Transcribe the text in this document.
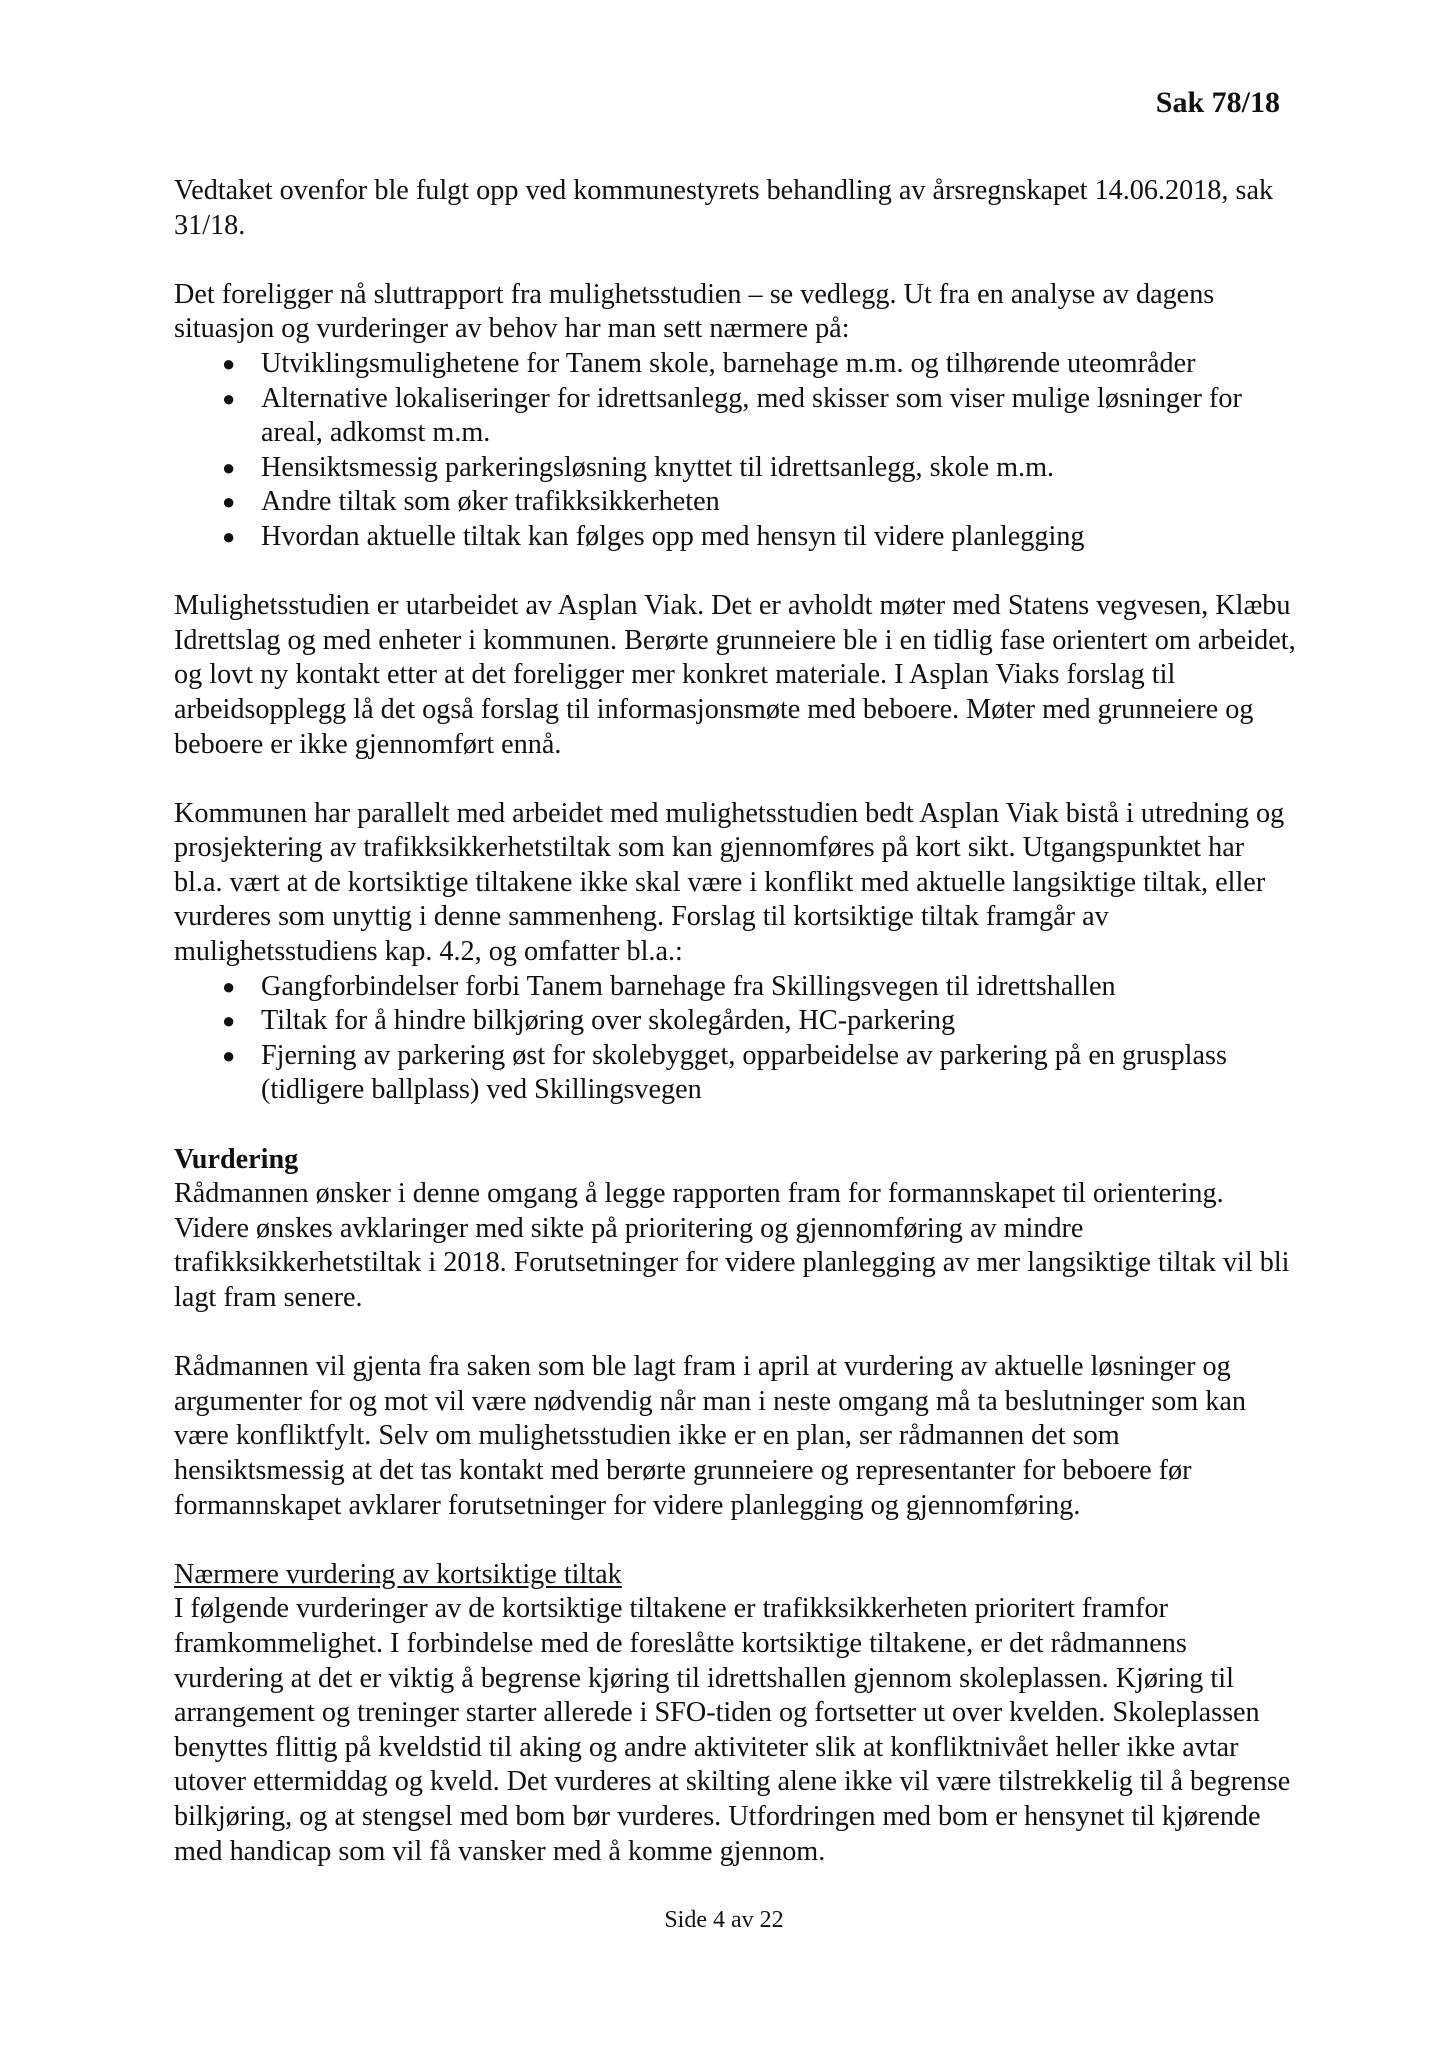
Sak 78/18

Vedtaket ovenfor ble fulgt opp ved kommunestyrets behandling av årsregnskapet 14.06.2018, sak 31/18.

Det foreligger nå sluttrapport fra mulighetsstudien – se vedlegg. Ut fra en analyse av dagens situasjon og vurderinger av behov har man sett nærmere på:

● Utviklingsmulighetene for Tanem skole, barnehage m.m. og tilhørende uteområder
● Alternative lokaliseringer for idrettsanlegg, med skisser som viser mulige løsninger for areal, adkomst m.m.
● Hensiktsmessig parkeringsløsning knyttet til idrettsanlegg, skole m.m.
● Andre tiltak som øker trafikksikkerheten
● Hvordan aktuelle tiltak kan følges opp med hensyn til videre planlegging

Mulighetsstudien er utarbeidet av Asplan Viak. Det er avholdt møter med Statens vegvesen, Klæbu Idrettslag og med enheter i kommunen. Berørte grunneiere ble i en tidlig fase orientert om arbeidet, og lovt ny kontakt etter at det foreligger mer konkret materiale. I Asplan Viaks forslag til arbeidsopplegg lå det også forslag til informasjonsmøte med beboere. Møter med grunneiere og beboere er ikke gjennomført ennå.

Kommunen har parallelt med arbeidet med mulighetsstudien bedt Asplan Viak bistå i utredning og prosjektering av trafikksikkerhetstiltak som kan gjennomføres på kort sikt. Utgangspunktet har bl.a. vært at de kortsiktige tiltakene ikke skal være i konflikt med aktuelle langsiktige tiltak, eller vurderes som unyttig i denne sammenheng. Forslag til kortsiktige tiltak framgår av mulighetsstudiens kap. 4.2, og omfatter bl.a.:

● Gangforbindelser forbi Tanem barnehage fra Skillingsvegen til idrettshallen
● Tiltak for å hindre bilkjøring over skolegården, HC-parkering
● Fjerning av parkering øst for skolebygget, opparbeidelse av parkering på en grusplass (tidligere ballplass) ved Skillingsvegen

Vurdering

Rådmannen ønsker i denne omgang å legge rapporten fram for formannskapet til orientering. Videre ønskes avklaringer med sikte på prioritering og gjennomføring av mindre trafikksikkerhetstiltak i 2018. Forutsetninger for videre planlegging av mer langsiktige tiltak vil bli lagt fram senere.

Rådmannen vil gjenta fra saken som ble lagt fram i april at vurdering av aktuelle løsninger og argumenter for og mot vil være nødvendig når man i neste omgang må ta beslutninger som kan være konfliktfylt. Selv om mulighetsstudien ikke er en plan, ser rådmannen det som hensiktsmessig at det tas kontakt med berørte grunneiere og representanter for beboere før formannskapet avklarer forutsetninger for videre planlegging og gjennomføring.

Nærmere vurdering av kortsiktige tiltak

I følgende vurderinger av de kortsiktige tiltakene er trafikksikkerheten prioritert framfor framkommelighet. I forbindelse med de foreslåtte kortsiktige tiltakene, er det rådmannens vurdering at det er viktig å begrense kjøring til idrettshallen gjennom skoleplassen. Kjøring til arrangement og treninger starter allerede i SFO-tiden og fortsetter ut over kvelden. Skoleplassen benyttes flittig på kveldstid til aking og andre aktiviteter slik at konfliktnivået heller ikke avtar utover ettermiddag og kveld. Det vurderes at skilting alene ikke vil være tilstrekkelig til å begrense bilkjøring, og at stengsel med bom bør vurderes. Utfordringen med bom er hensynet til kjørende med handicap som vil få vansker med å komme gjennom.

Side 4 av 22
